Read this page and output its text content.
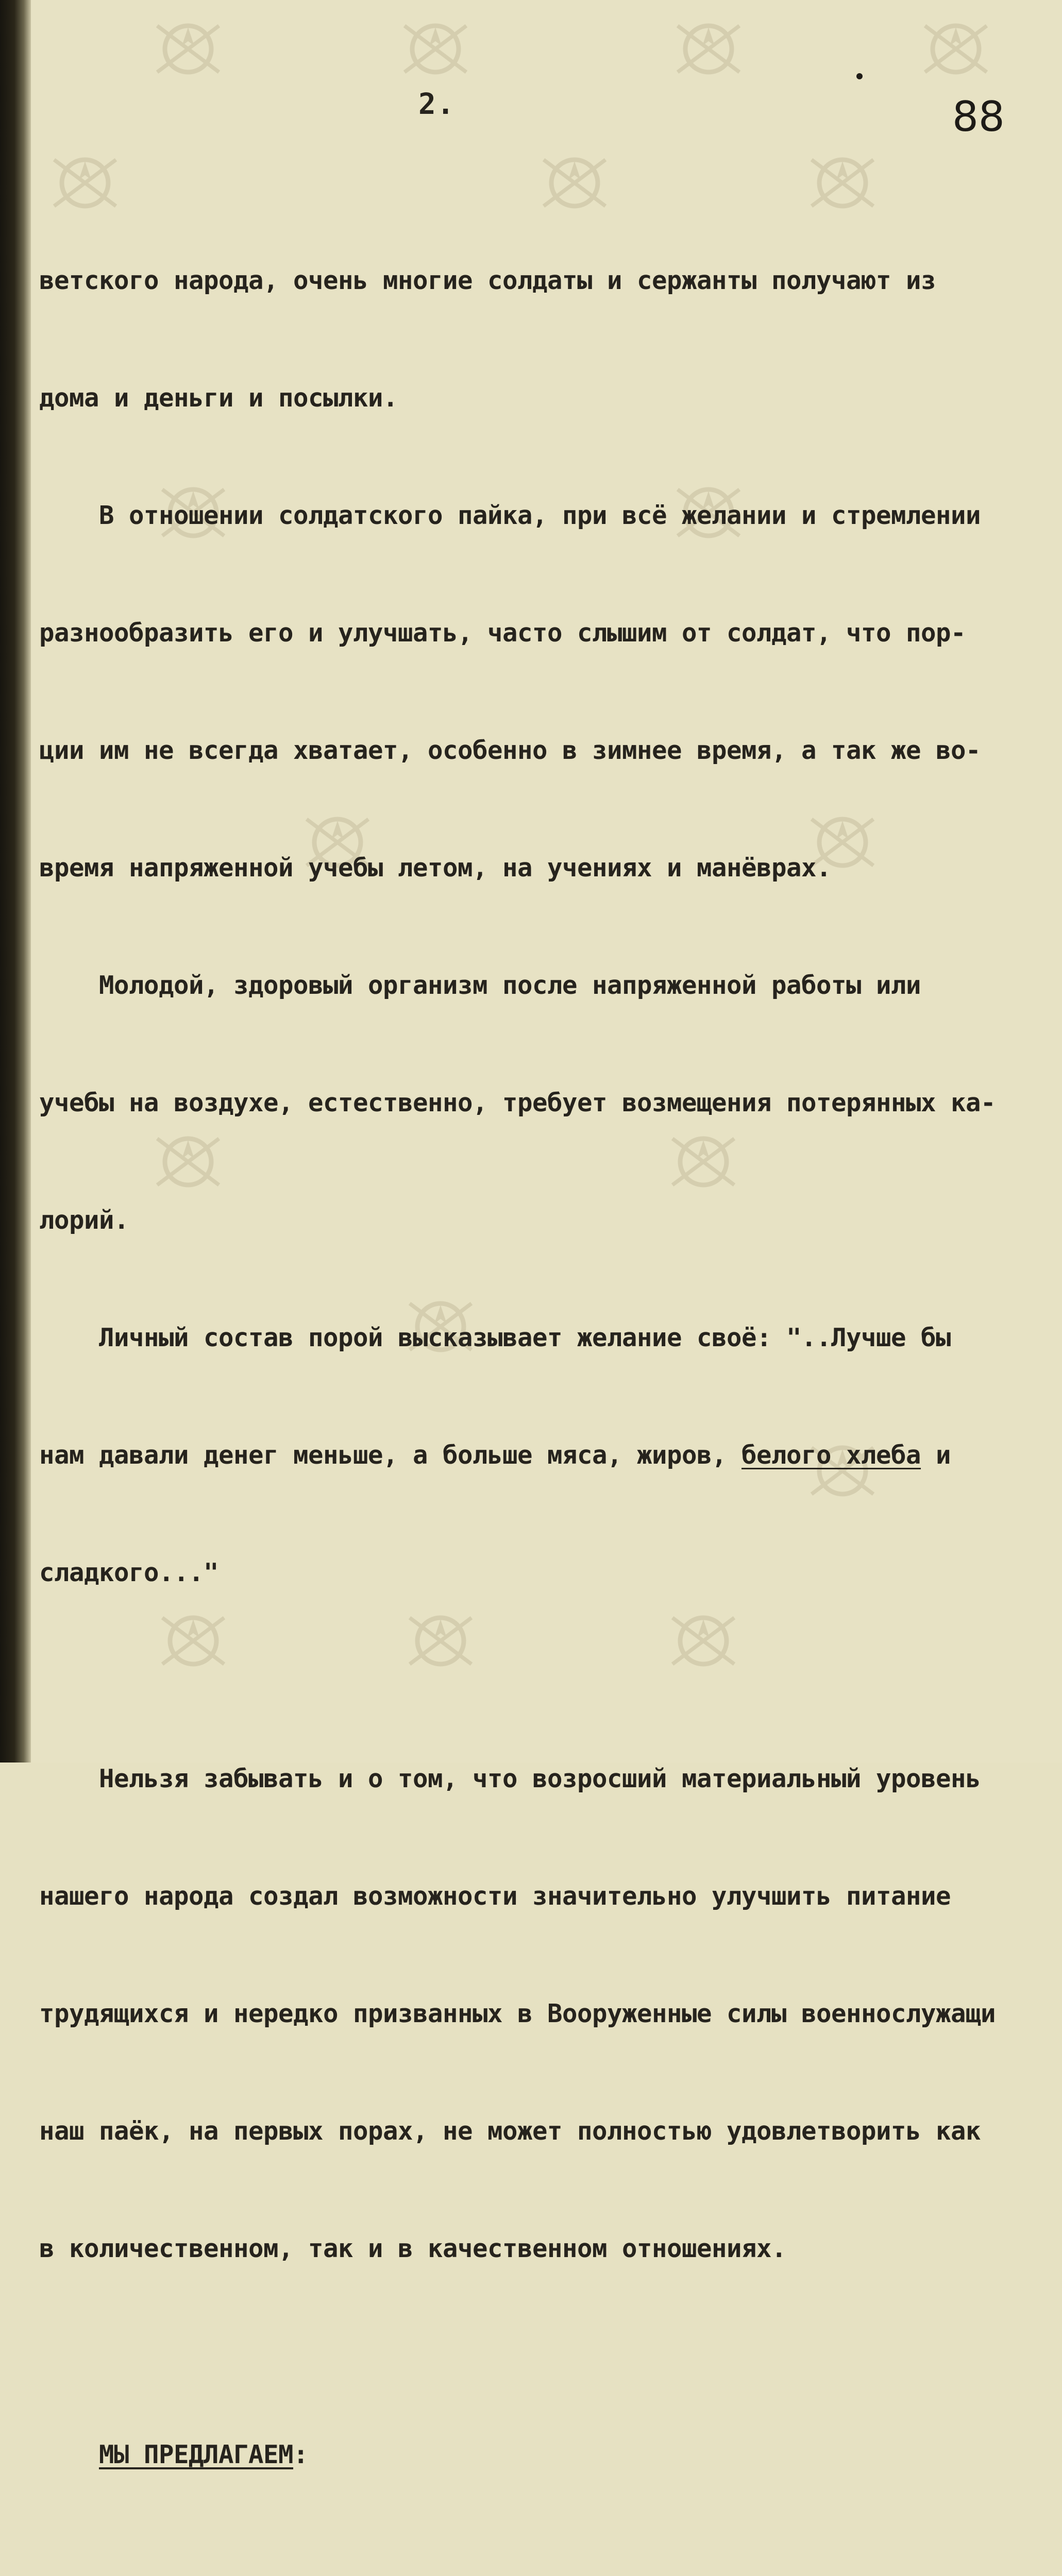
2.	88

ветского народа, очень многие солдаты и сержанты получают из

дома и деньги и посылки.

В отношении солдатского пайка, при всё желании и стремлении

разнообразить его и улучшать, часто слышим от солдат, что пор-

ции им не всегда хватает, особенно в зимнее время, а так же во-

время напряженной учебы летом, на учениях и манёврах.

Молодой, здоровый организм после напряженной работы или

учебы на воздухе, естественно, требует возмещения потерянных ка-

лорий.

Личный состав порой высказывает желание своё: "..Лучше бы

нам давали денег меньше, а больше мяса, жиров, белого хлеба и

сладкого..."

Нельзя забывать и о том, что возросший материальный уровень

нашего народа создал возможности значительно улучшить питание

трудящихся и нередко призванных в Вооруженные силы военнослужащи

наш паёк, на первых порах, не может полностью удовлетворить как

в количественном, так и в качественном отношениях.

МЫ ПРЕДЛАГАЕМ:
